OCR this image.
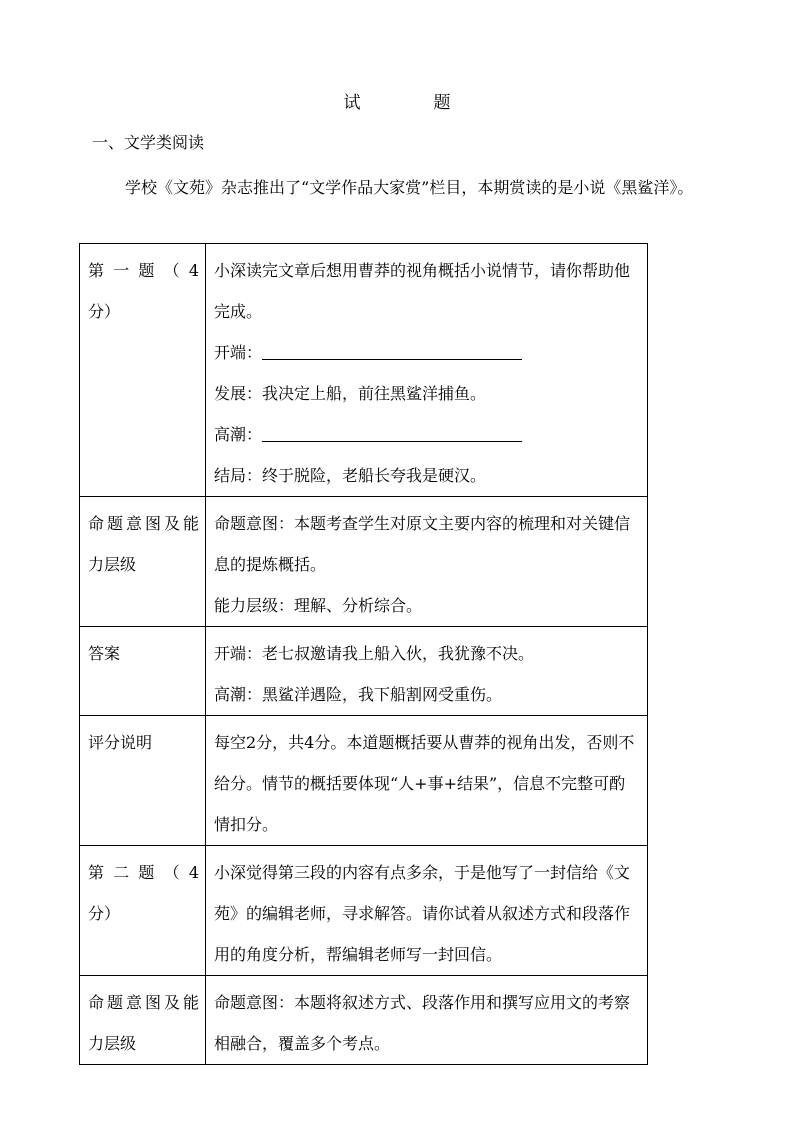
试　题
一、文学类阅读

学校《文苑》杂志推出了“文学作品大家赏”栏目，本期赏读的是小说《黑鲨洋》。

第 一 题 （ 4 分）	小深读完文章后想用曹莽的视角概括小说情节，请你帮助他完成。

开端：

发展：我决定上船，前往黑鲨洋捕鱼。

高潮：

结局：终于脱险，老船长夸我是硬汉。

命题意图及能力层级	命题意图：本题考查学生对原文主要内容的梳理和对关键信息的提炼概括。

能力层级：理解、分析综合。

答案	开端：老七叔邀请我上船入伙，我犹豫不决。

高潮：黑鲨洋遇险，我下船割网受重伤。

评分说明	每空2分，共4分。本道题概括要从曹莽的视角出发，否则不给分。情节的概括要体现“人+事+结果”，信息不完整可酌情扣分。

第 二 题 （ 4 分）	小深觉得第三段的内容有点多余，于是他写了一封信给《文苑》的编辑老师，寻求解答。请你试着从叙述方式和段落作用的角度分析，帮编辑老师写一封回信。

命题意图及能力层级	命题意图：本题将叙述方式、段落作用和撰写应用文的考察相融合，覆盖多个考点。
